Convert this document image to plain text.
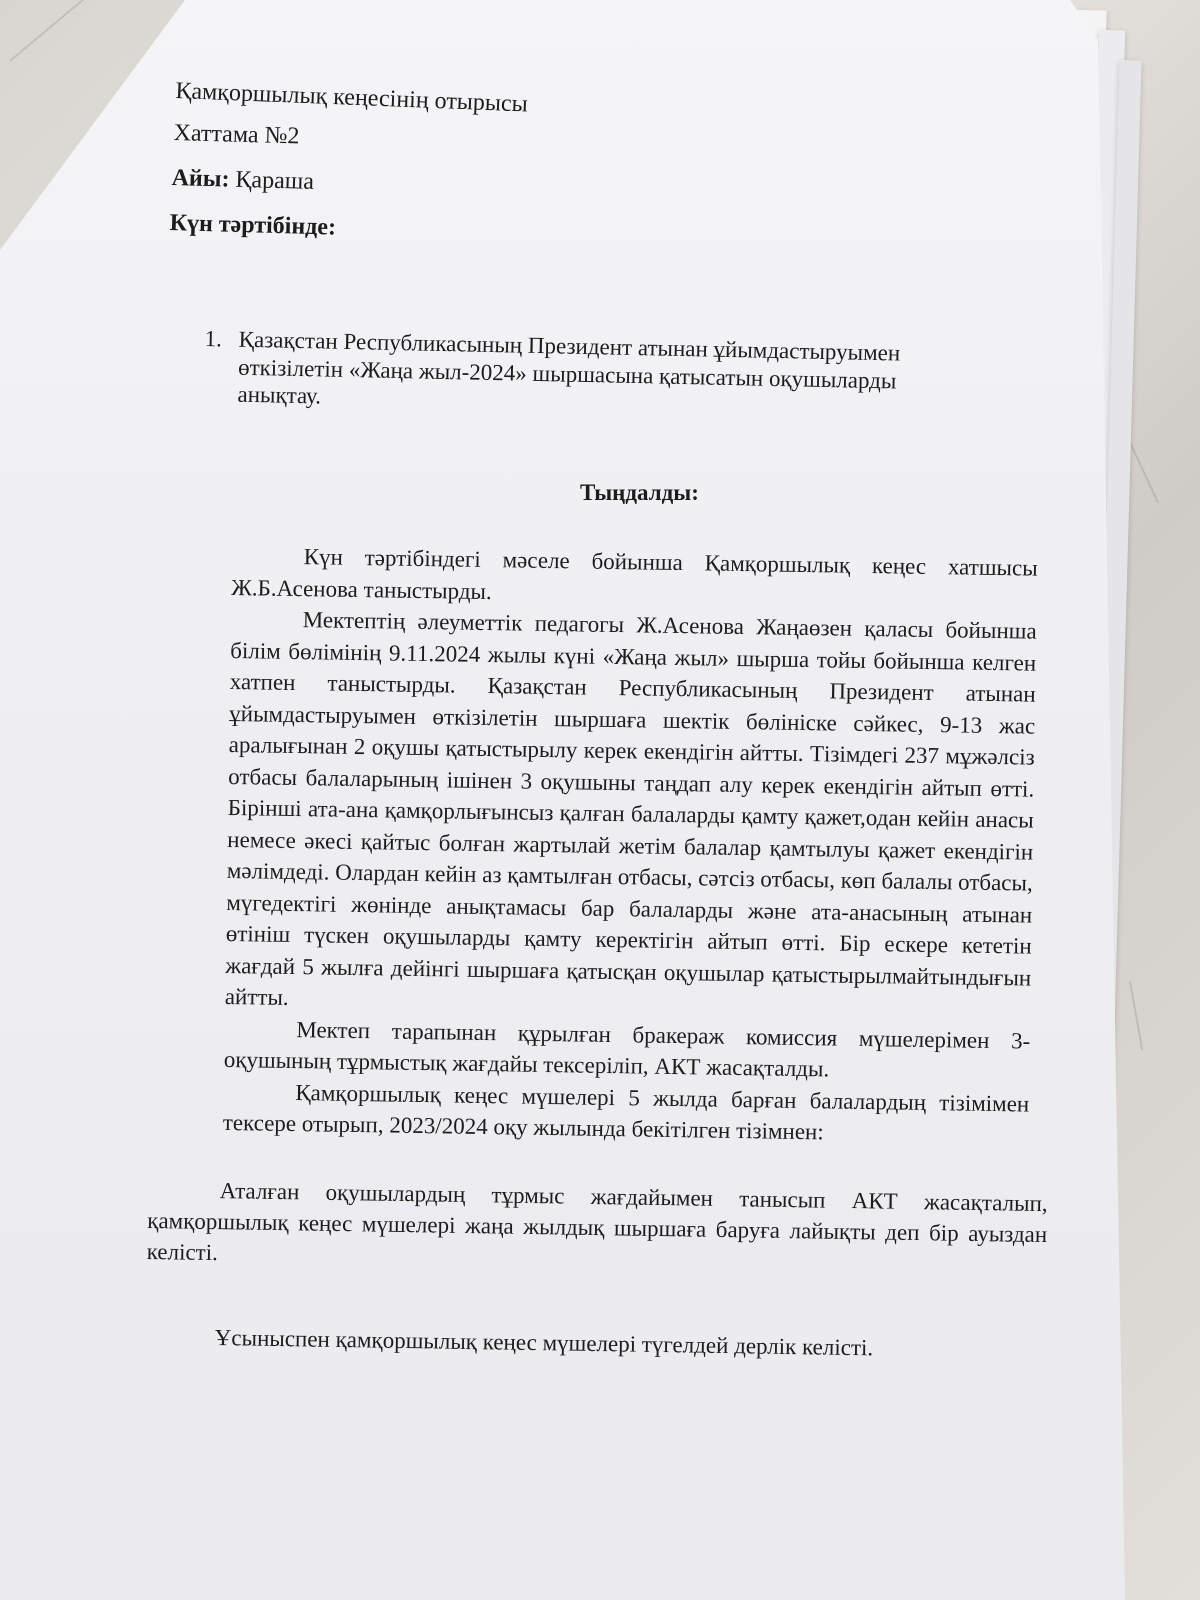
Қамқоршылық кеңесінің отырысы
Хаттама №2
Айы: Қараша
Күн тәртібінде:
1. Қазақстан Республикасының Президент атынан ұйымдастыруымен өткізілетін «Жаңа жыл-2024» шыршасына қатысатын оқушыларды анықтау.
Тыңдалды:

Күн тәртібіндегі мәселе бойынша Қамқоршылық кеңес хатшысы Ж.Б.Асенова таныстырды.

Мектептің әлеуметтік педагогы Ж.Асенова Жаңаөзен қаласы бойынша білім бөлімінің 9.11.2024 жылы күні «Жаңа жыл» шырша тойы бойынша келген хатпен таныстырды. Қазақстан Республикасының Президент атынан ұйымдастыруымен өткізілетін шыршаға шектік бөлініске сәйкес, 9-13 жас аралығынан 2 оқушы қатыстырылу керек екендігін айтты. Тізімдегі 237 мұжәлсіз отбасы балаларының ішінен 3 оқушыны таңдап алу керек екендігін айтып өтті. Бірінші ата-ана қамқорлығынсыз қалған балаларды қамту қажет,одан кейін анасы немесе әкесі қайтыс болған жартылай жетім балалар қамтылуы қажет екендігін мәлімдеді. Олардан кейін аз қамтылған отбасы, сәтсіз отбасы, көп балалы отбасы, мүгедектігі жөнінде анықтамасы бар балаларды және ата-анасының атынан өтініш түскен оқушыларды қамту керектігін айтып өтті. Бір ескере кететін жағдай 5 жылға дейінгі шыршаға қатысқан оқушылар қатыстырылмайтындығын айтты.

Мектеп тарапынан құрылған бракераж комиссия мүшелерімен 3-оқушының тұрмыстық жағдайы тексеріліп, АКТ жасақталды.

Қамқоршылық кеңес мүшелері 5 жылда барған балалардың тізімімен тексере отырып, 2023/2024 оқу жылында бекітілген тізімнен:

Аталған оқушылардың тұрмыс жағдайымен танысып АКТ жасақталып, қамқоршылық кеңес мүшелері жаңа жылдық шыршаға баруға лайықты деп бір ауыздан келісті.

Ұсыныспен қамқоршылық кеңес мүшелері түгелдей дерлік келісті.
